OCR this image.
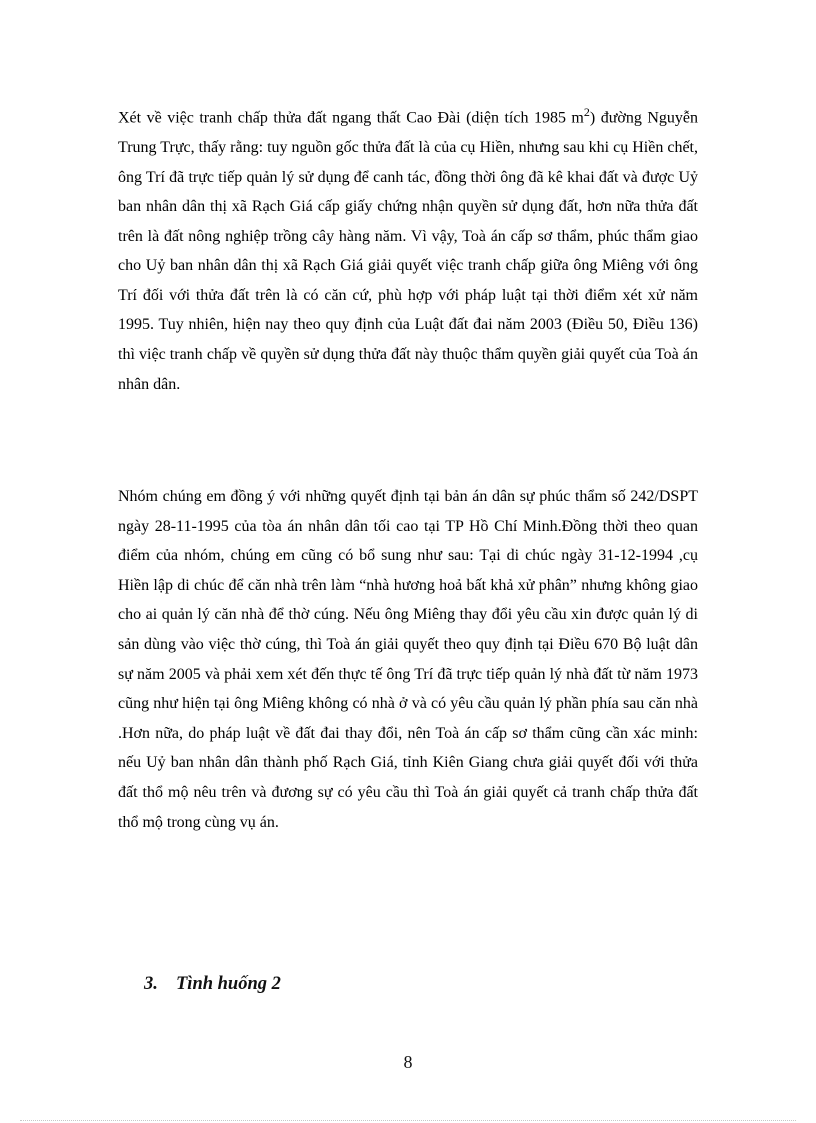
Xét về việc tranh chấp thửa đất ngang thất Cao Đài (diện tích 1985 $m^2$) đường Nguyễn Trung Trực, thấy rằng: tuy nguồn gốc thửa đất là của cụ Hiền, nhưng sau khi cụ Hiền chết, ông Trí đã trực tiếp quản lý sử dụng để canh tác, đồng thời ông đã kê khai đất và được Uỷ ban nhân dân thị xã Rạch Giá cấp giấy chứng nhận quyền sử dụng đất, hơn nữa thửa đất trên là đất nông nghiệp trồng cây hàng năm. Vì vậy, Toà án cấp sơ thẩm, phúc thẩm giao cho Uỷ ban nhân dân thị xã Rạch Giá giải quyết việc tranh chấp giữa ông Miêng với ông Trí đối với thửa đất trên là có căn cứ, phù hợp với pháp luật tại thời điểm xét xử năm 1995. Tuy nhiên, hiện nay theo quy định của Luật đất đai năm 2003 (Điều 50, Điều 136) thì việc tranh chấp về quyền sử dụng thửa đất này thuộc thẩm quyền giải quyết của Toà án nhân dân.

Nhóm chúng em đồng ý với những quyết định tại bản án dân sự phúc thẩm số 242/DSPT ngày 28-11-1995 của tòa án nhân dân tối cao tại TP Hồ Chí Minh.Đồng thời theo quan điểm của nhóm, chúng em cũng có bổ sung như sau: Tại di chúc ngày 31-12-1994 ,cụ Hiền lập di chúc để căn nhà trên làm “nhà hương hoả bất khả xử phân” nhưng không giao cho ai quản lý căn nhà để thờ cúng. Nếu ông Miêng thay đổi yêu cầu xin được quản lý di sản dùng vào việc thờ cúng, thì Toà án giải quyết theo quy định tại Điều 670 Bộ luật dân sự năm 2005 và phải xem xét đến thực tế ông Trí đã trực tiếp quản lý nhà đất từ năm 1973 cũng như hiện tại ông Miêng không có nhà ở và có yêu cầu quản lý phần phía sau căn nhà .Hơn nữa, do pháp luật về đất đai thay đổi, nên Toà án cấp sơ thẩm cũng cần xác minh: nếu Uỷ ban nhân dân thành phố Rạch Giá, tỉnh Kiên Giang chưa giải quyết đối với thửa đất thổ mộ nêu trên và đương sự có yêu cầu thì Toà án giải quyết cả tranh chấp thửa đất thổ mộ trong cùng vụ án.

3. Tình huống 2

8
